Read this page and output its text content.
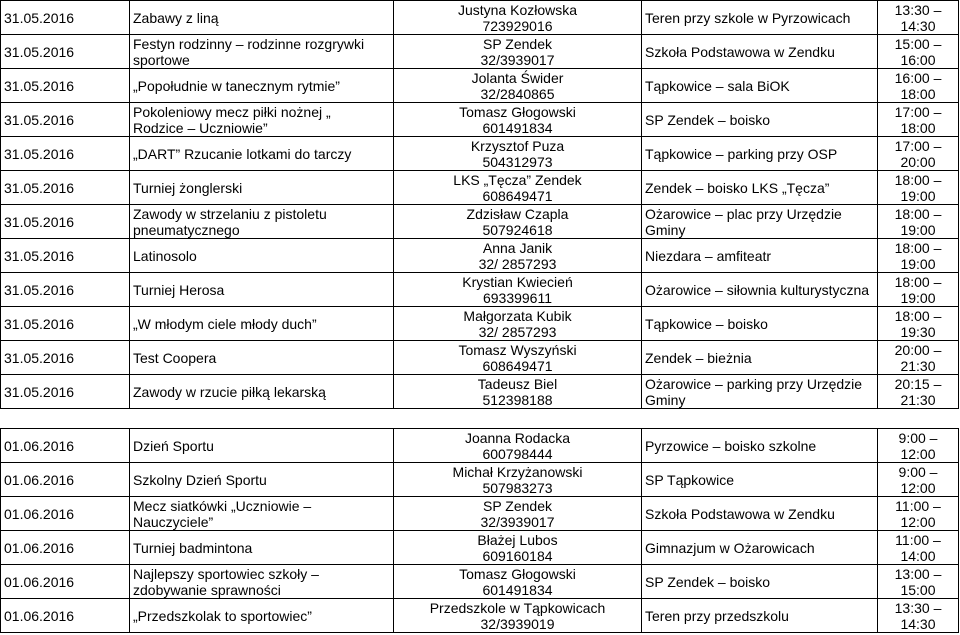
31.05.2016	Zabawy z liną	Justyna Kozłowska
723929016	Teren przy szkole w Pyrzowicach	13:30 –
14:30

31.05.2016	Festyn rodzinny – rodzinne rozgrywki
sportowe	SP Zendek
32/3939017	Szkoła Podstawowa w Zendku	15:00 –
16:00

31.05.2016	„Popołudnie w tanecznym rytmie”	Jolanta Świder
32/2840865	Tąpkowice – sala BiOK	16:00 –
18:00

31.05.2016	Pokoleniowy mecz piłki nożnej „
Rodzice – Uczniowie”	Tomasz Głogowski
601491834	SP Zendek – boisko	17:00 –
18:00

31.05.2016	„DART” Rzucanie lotkami do tarczy	Krzysztof Puza
504312973	Tąpkowice – parking przy OSP	17:00 –
20:00

31.05.2016	Turniej żonglerski	LKS „Tęcza” Zendek
608649471	Zendek – boisko LKS „Tęcza”	18:00 –
19:00

31.05.2016	Zawody w strzelaniu z pistoletu
pneumatycznego	Zdzisław Czapla
507924618	Ożarowice – plac przy Urzędzie
Gminy	18:00 –
19:00

31.05.2016	Latinosolo	Anna Janik
32/ 2857293	Niezdara – amfiteatr	18:00 –
19:00

31.05.2016	Turniej Herosa	Krystian Kwiecień
693399611	Ożarowice – siłownia kulturystyczna	18:00 –
19:00

31.05.2016	„W młodym ciele młody duch”	Małgorzata Kubik
32/ 2857293	Tąpkowice – boisko	18:00 –
19:30

31.05.2016	Test Coopera	Tomasz Wyszyński
608649471	Zendek – bieżnia	20:00 –
21:30

31.05.2016	Zawody w rzucie piłką lekarską	Tadeusz Biel
512398188	Ożarowice – parking przy Urzędzie
Gminy	20:15 –
21:30
01.06.2016	Dzień Sportu	Joanna Rodacka
600798444	Pyrzowice – boisko szkolne	9:00 –
12:00

01.06.2016	Szkolny Dzień Sportu	Michał Krzyżanowski
507983273	SP Tąpkowice	9:00 –
12:00

01.06.2016	Mecz siatkówki „Uczniowie –
Nauczyciele”	SP Zendek
32/3939017	Szkoła Podstawowa w Zendku	11:00 –
12:00

01.06.2016	Turniej badmintona	Błażej Lubos
609160184	Gimnazjum w Ożarowicach	11:00 –
14:00

01.06.2016	Najlepszy sportowiec szkoły –
zdobywanie sprawności	Tomasz Głogowski
601491834	SP Zendek – boisko	13:00 –
15:00

01.06.2016	„Przedszkolak to sportowiec”	Przedszkole w Tąpkowicach
32/3939019	Teren przy przedszkolu	13:30 –
14:30
